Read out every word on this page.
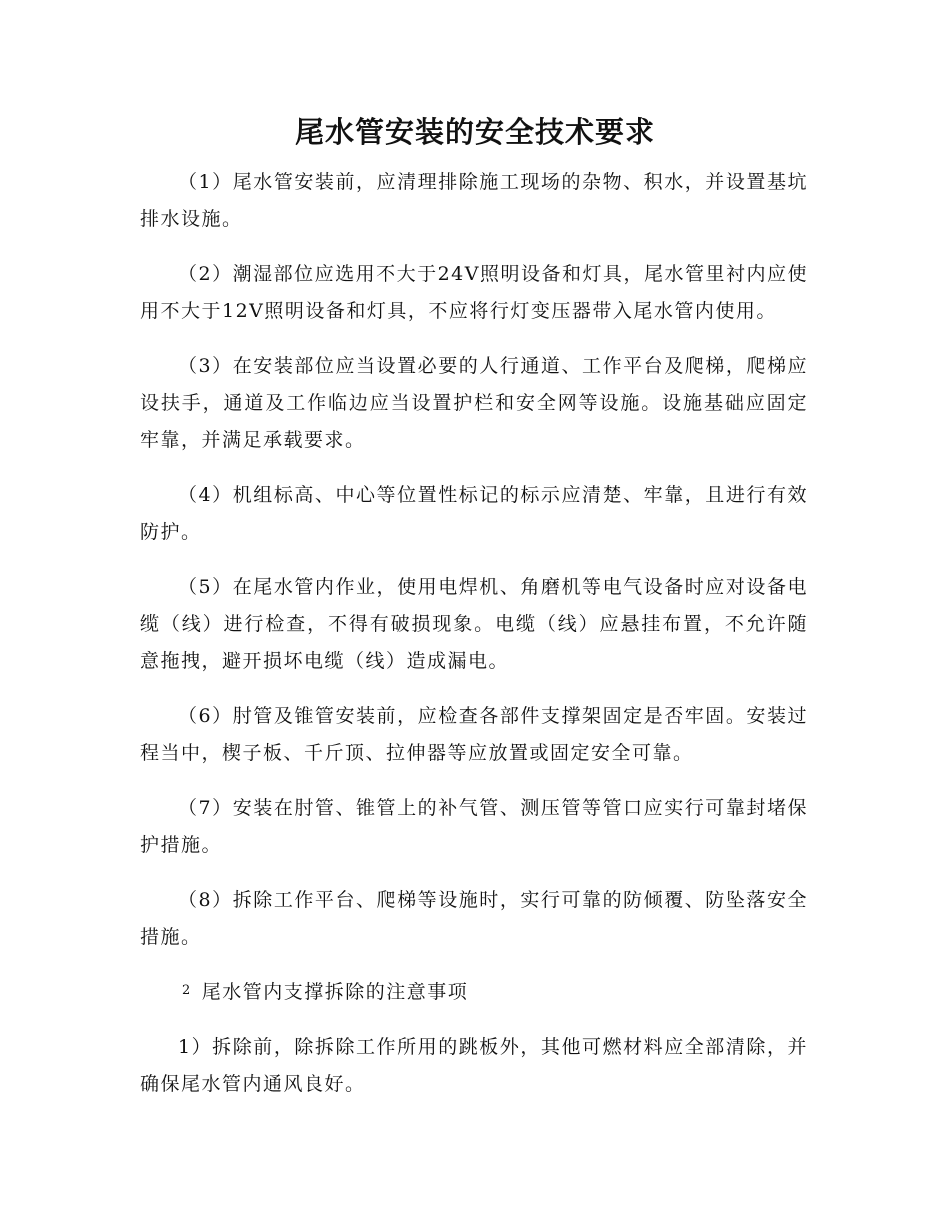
尾水管安装的安全技术要求

（1）尾水管安装前，应清理排除施工现场的杂物、积水，并设置基坑排水设施。

（2）潮湿部位应选用不大于24V照明设备和灯具，尾水管里衬内应使用不大于12V照明设备和灯具，不应将行灯变压器带入尾水管内使用。

（3）在安装部位应当设置必要的人行通道、工作平台及爬梯，爬梯应设扶手，通道及工作临边应当设置护栏和安全网等设施。设施基础应固定牢靠，并满足承载要求。

（4）机组标高、中心等位置性标记的标示应清楚、牢靠，且进行有效防护。

（5）在尾水管内作业，使用电焊机、角磨机等电气设备时应对设备电缆（线）进行检查，不得有破损现象。电缆（线）应悬挂布置，不允许随意拖拽，避开损坏电缆（线）造成漏电。

（6）肘管及锥管安装前，应检查各部件支撑架固定是否牢固。安装过程当中，楔子板、千斤顶、拉伸器等应放置或固定安全可靠。

（7）安装在肘管、锥管上的补气管、测压管等管口应实行可靠封堵保护措施。

（8）拆除工作平台、爬梯等设施时，实行可靠的防倾覆、防坠落安全措施。

$^2$ 尾水管内支撑拆除的注意事项

1）拆除前，除拆除工作所用的跳板外，其他可燃材料应全部清除，并确保尾水管内通风良好。
